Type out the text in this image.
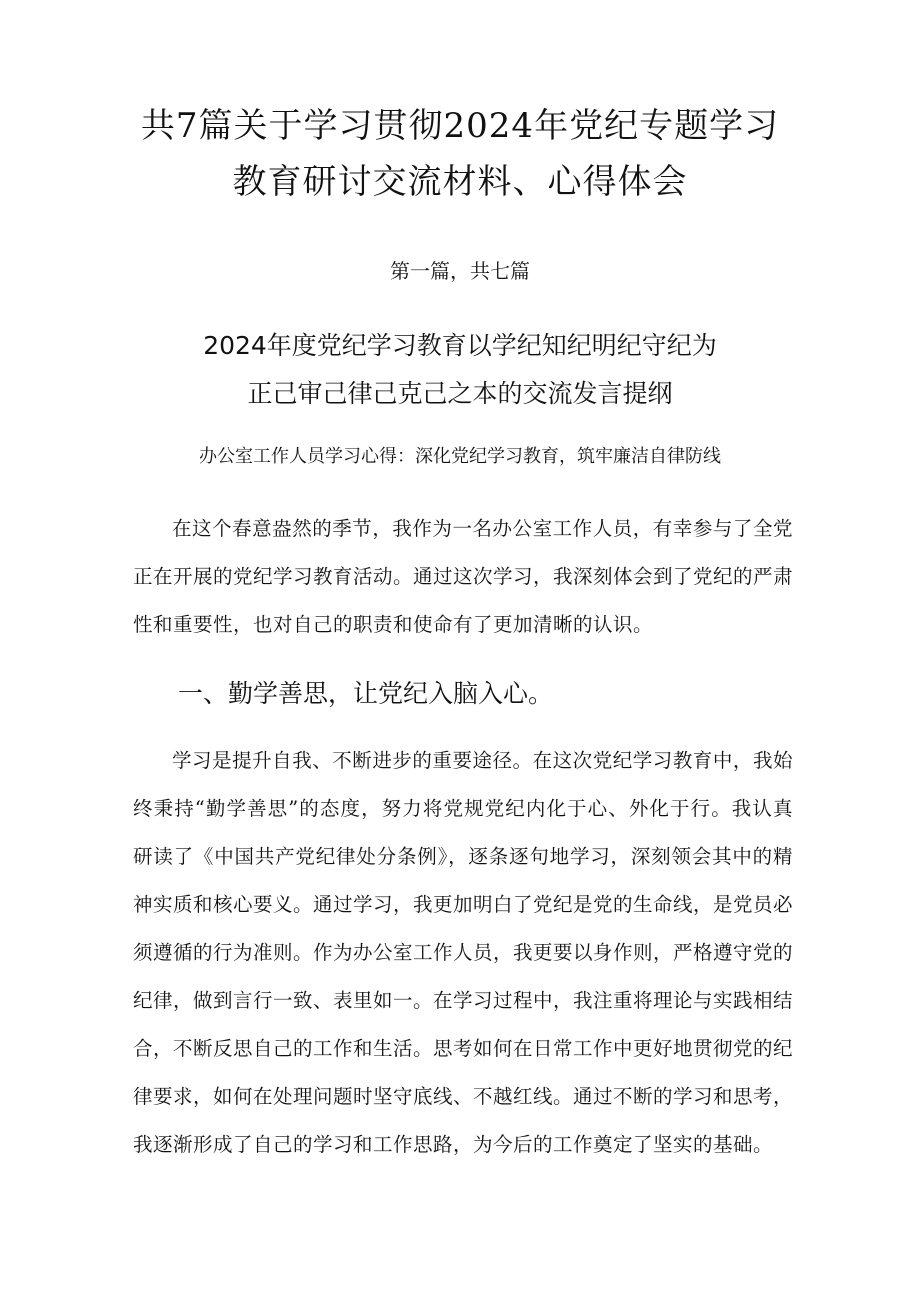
共7篇关于学习贯彻2024年党纪专题学习
教育研讨交流材料、心得体会

第一篇，共七篇

2024年度党纪学习教育以学纪知纪明纪守纪为
正己审己律己克己之本的交流发言提纲

办公室工作人员学习心得：深化党纪学习教育，筑牢廉洁自律防线

在这个春意盎然的季节，我作为一名办公室工作人员，有幸参与了全党正在开展的党纪学习教育活动。通过这次学习，我深刻体会到了党纪的严肃性和重要性，也对自己的职责和使命有了更加清晰的认识。

一、勤学善思，让党纪入脑入心。

学习是提升自我、不断进步的重要途径。在这次党纪学习教育中，我始终秉持“勤学善思”的态度，努力将党规党纪内化于心、外化于行。我认真研读了《中国共产党纪律处分条例》，逐条逐句地学习，深刻领会其中的精神实质和核心要义。通过学习，我更加明白了党纪是党的生命线，是党员必须遵循的行为准则。作为办公室工作人员，我更要以身作则，严格遵守党的纪律，做到言行一致、表里如一。在学习过程中，我注重将理论与实践相结合，不断反思自己的工作和生活。思考如何在日常工作中更好地贯彻党的纪律要求，如何在处理问题时坚守底线、不越红线。通过不断的学习和思考，我逐渐形成了自己的学习和工作思路，为今后的工作奠定了坚实的基础。
